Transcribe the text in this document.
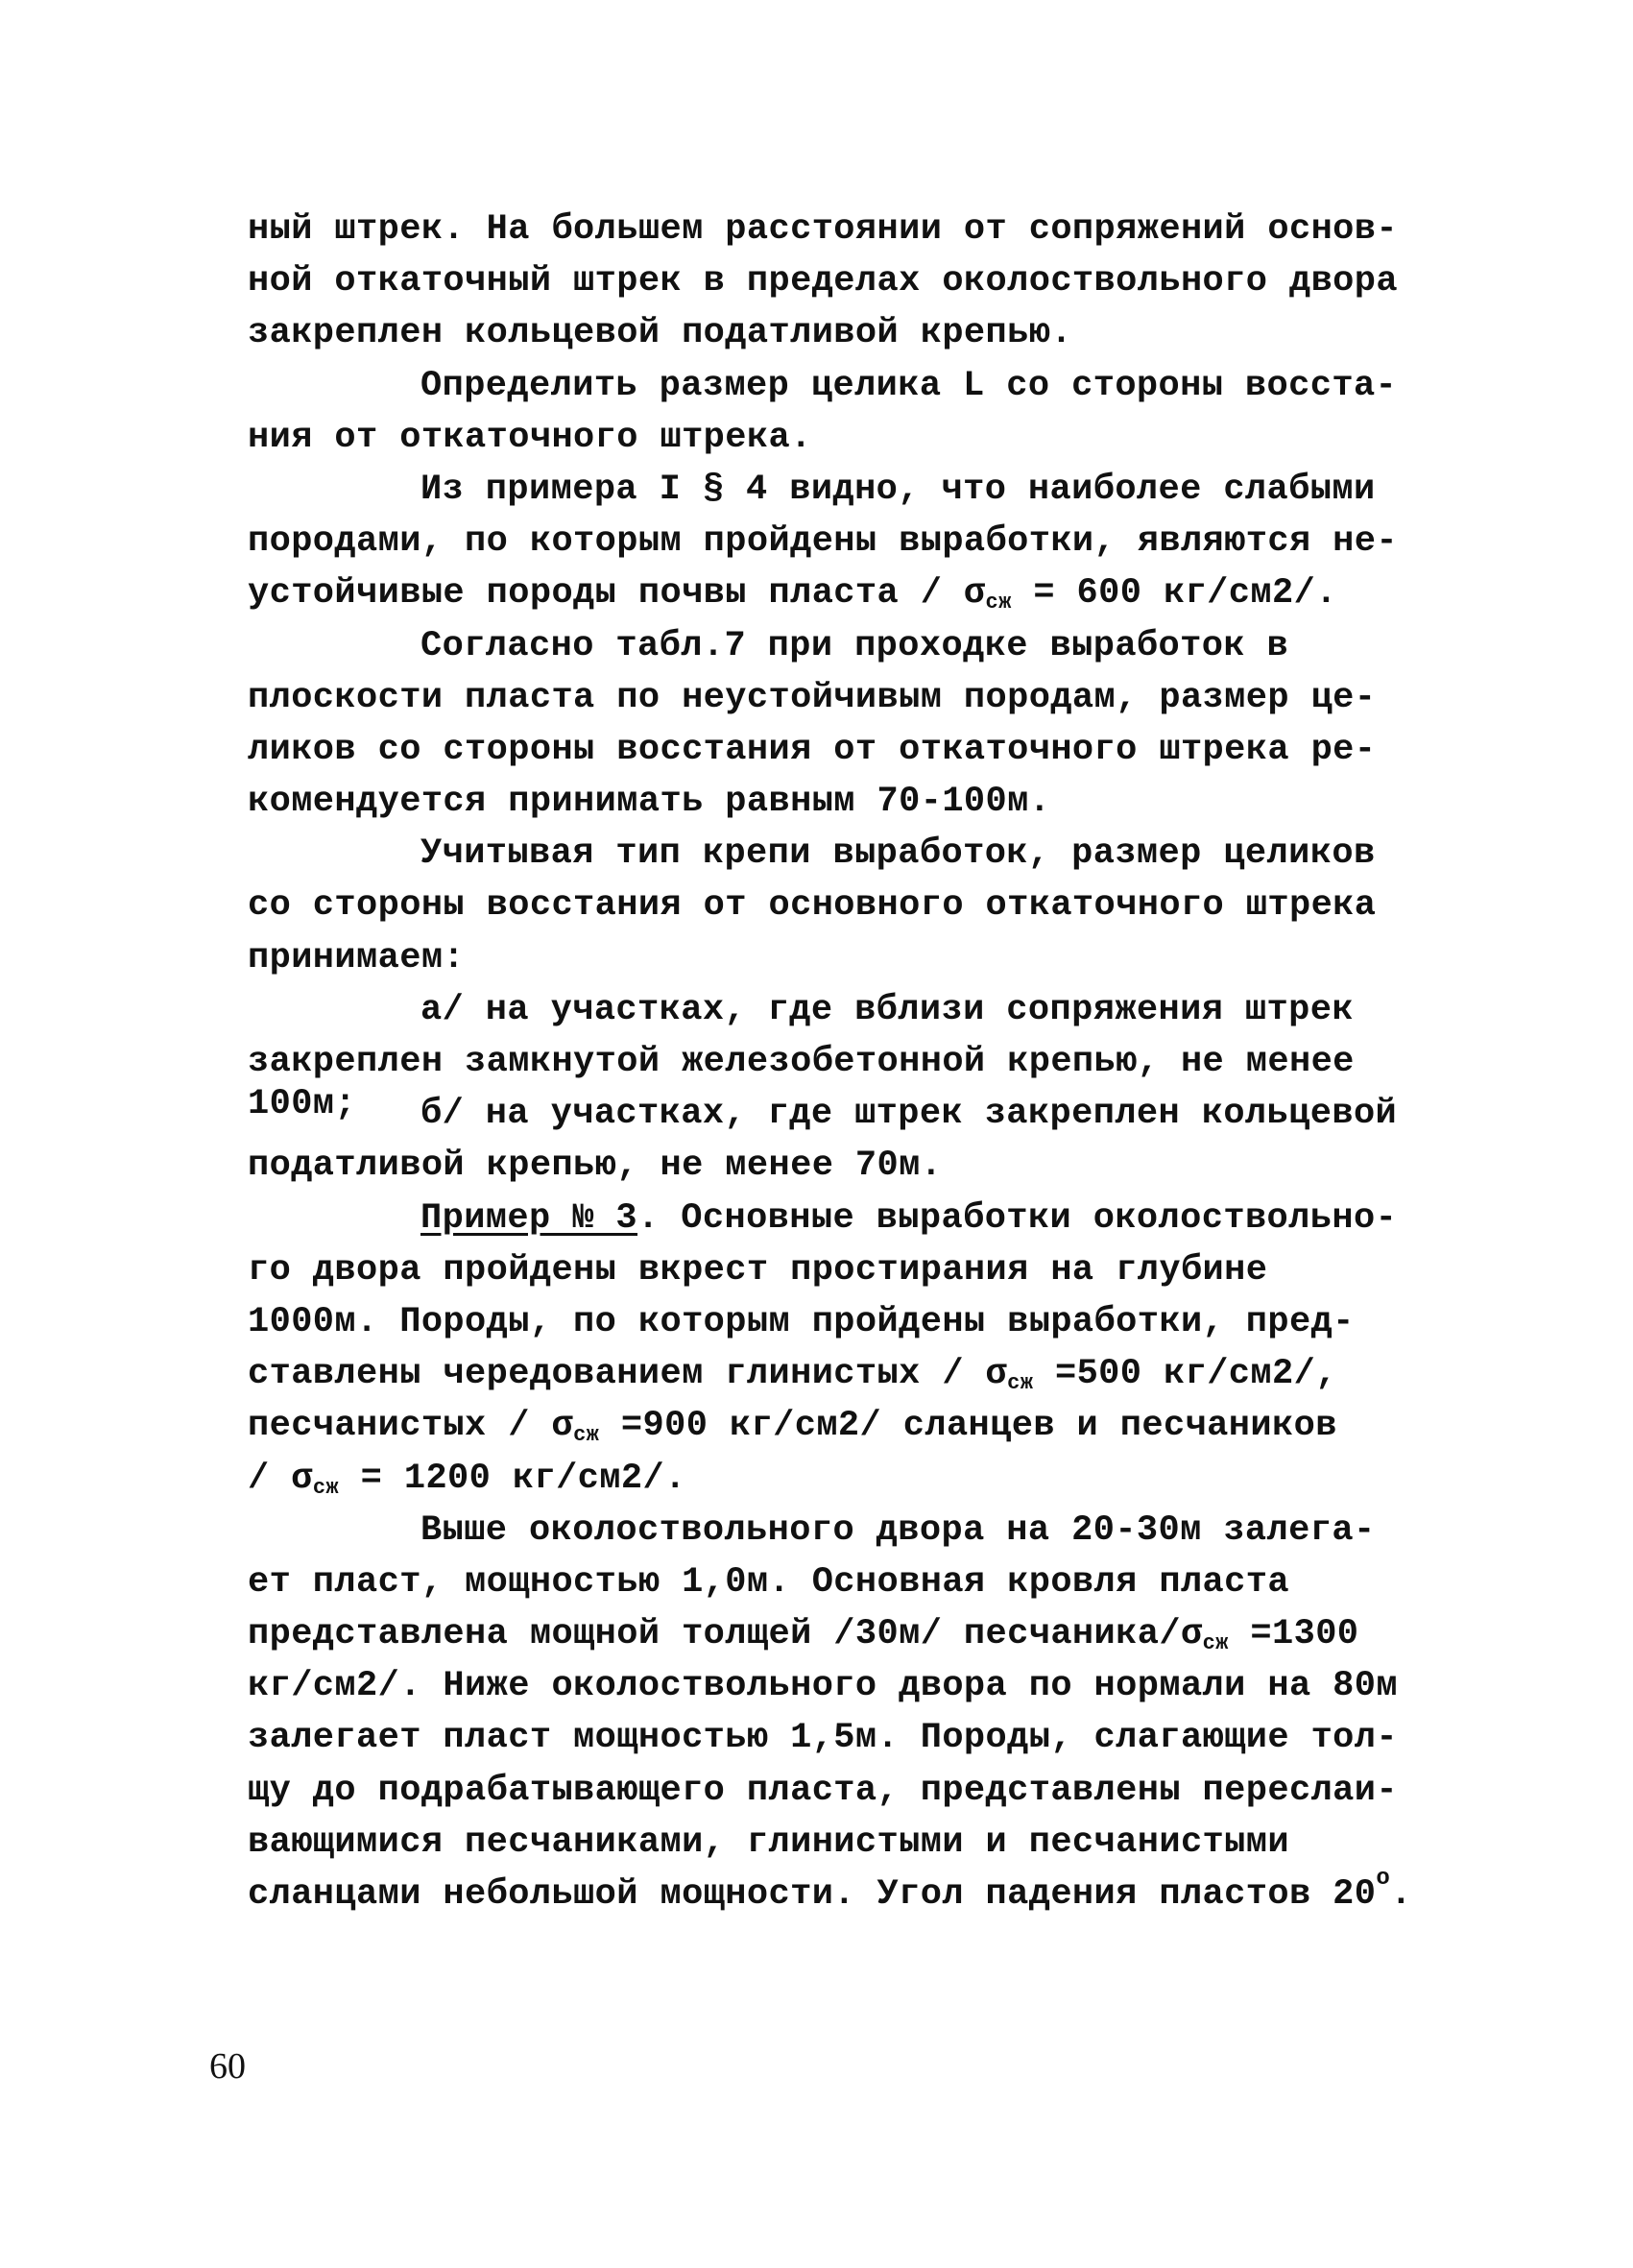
ный штрек. На большем расстоянии от сопряжений основ-
ной откаточный штрек в пределах околоствольного двора
закреплен кольцевой податливой крепью.
Определить размер целика L со стороны восста-
ния от откаточного штрека.
Из примера I § 4 видно, что наиболее слабыми
породами, по которым пройдены выработки, являются не-
устойчивые породы почвы пласта / $\sigma_{сж} = 600$ кг/см2/.
Согласно табл.7 при проходке выработок в
плоскости пласта по неустойчивым породам, размер це-
ликов со стороны восстания от откаточного штрека ре-
комендуется принимать равным 70-100м.
Учитывая тип крепи выработок, размер целиков
со стороны восстания от основного откаточного штрека
принимаем:
а/ на участках, где вблизи сопряжения штрек
закреплен замкнутой железобетонной крепью, не менее
100м; б/ на участках, где штрек закреплен кольцевой
податливой крепью, не менее 70м.
Пример № 3. Основные выработки околоствольно-
го двора пройдены вкрест простирания на глубине
1000м. Породы, по которым пройдены выработки, пред-
ставлены чередованием глинистых / $\sigma_{сж} =500$ кг/см2/,
песчанистых / $\sigma_{сж} =900$ кг/см2/ сланцев и песчаников
/ $\sigma_{сж} = 1200$ кг/см2/.
Выше околоствольного двора на 20-30м залега-
ет пласт, мощностью 1,0м. Основная кровля пласта
представлена мощной толщей /30м/ песчаника/$\sigma_{сж} =1300$
кг/см2/. Ниже околоствольного двора по нормали на 80м
залегает пласт мощностью 1,5м. Породы, слагающие тол-
щу до подрабатывающего пласта, представлены переслаи-
вающимися песчаниками, глинистыми и песчанистыми
сланцами небольшой мощности. Угол падения пластов $20^о$.
60
